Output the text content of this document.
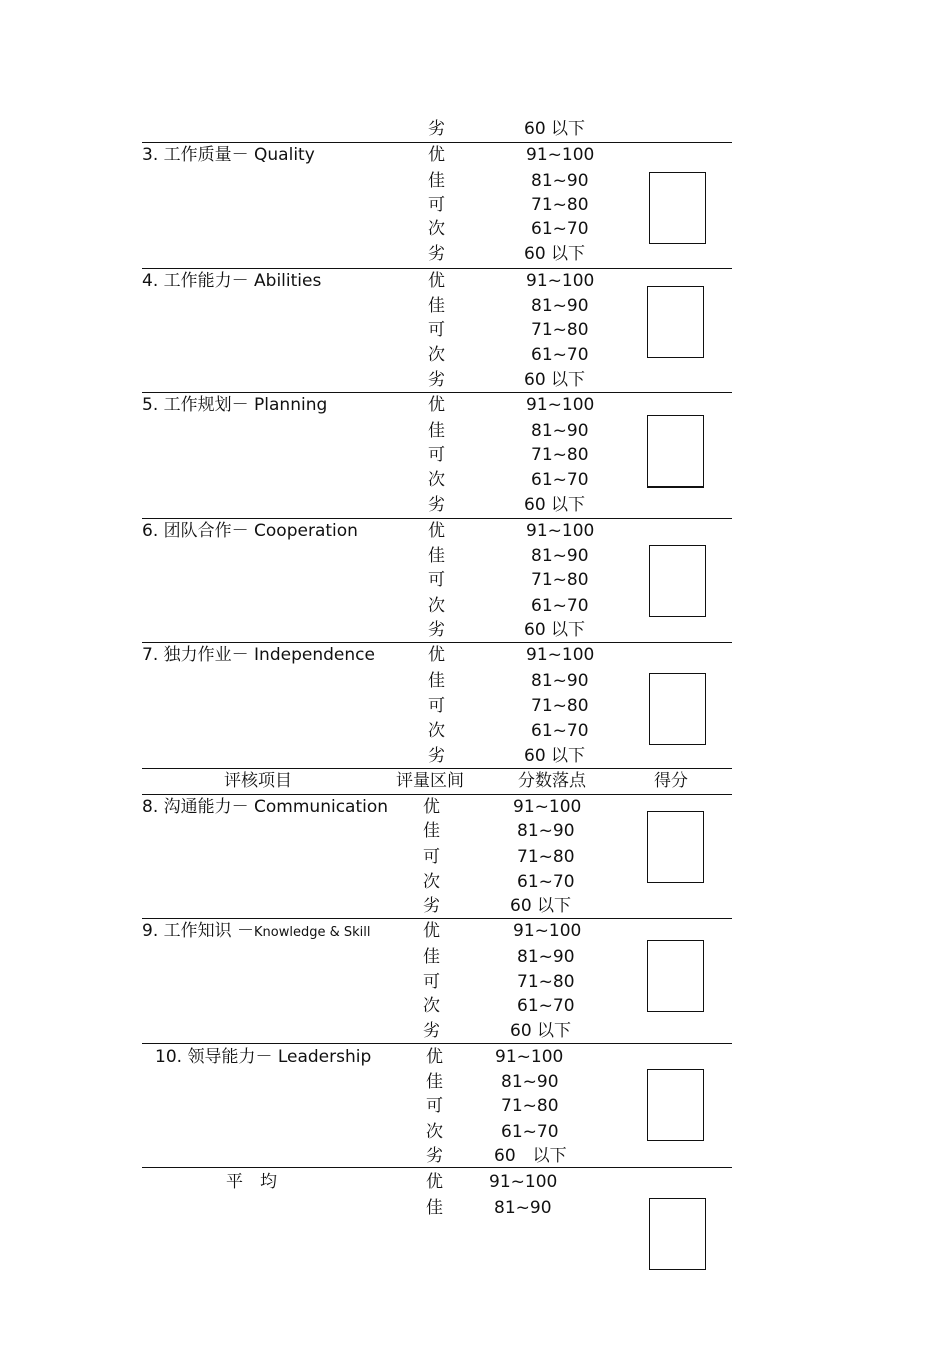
劣	60 以下
3. 工作质量－ Quality	优	91~100
佳	81~90
可	71~80
次	61~70
劣	60 以下
4. 工作能力－ Abilities	优	91~100
佳	81~90
可	71~80
次	61~70
劣	60 以下
5. 工作规划－ Planning	优	91~100
佳	81~90
可	71~80
次	61~70
劣	60 以下
6. 团队合作－ Cooperation	优	91~100
佳	81~90
可	71~80
次	61~70
劣	60 以下
7. 独力作业－ Independence	优	91~100
佳	81~90
可	71~80
次	61~70
劣	60 以下
评核项目	评量区间	分数落点	得分
8. 沟通能力－ Communication 优	91~100
佳	81~90
可	71~80
次	61~70
劣	60 以下
9. 工作知识 －Knowledge & Skill	优	91~100
佳	81~90
可	71~80
次	61~70
劣	60 以下
10. 领导能力－ Leadership	优	91~100
佳	81~90
可	71~80
次	61~70
劣	60　以下
平　均	优	91~100
佳	81~90
